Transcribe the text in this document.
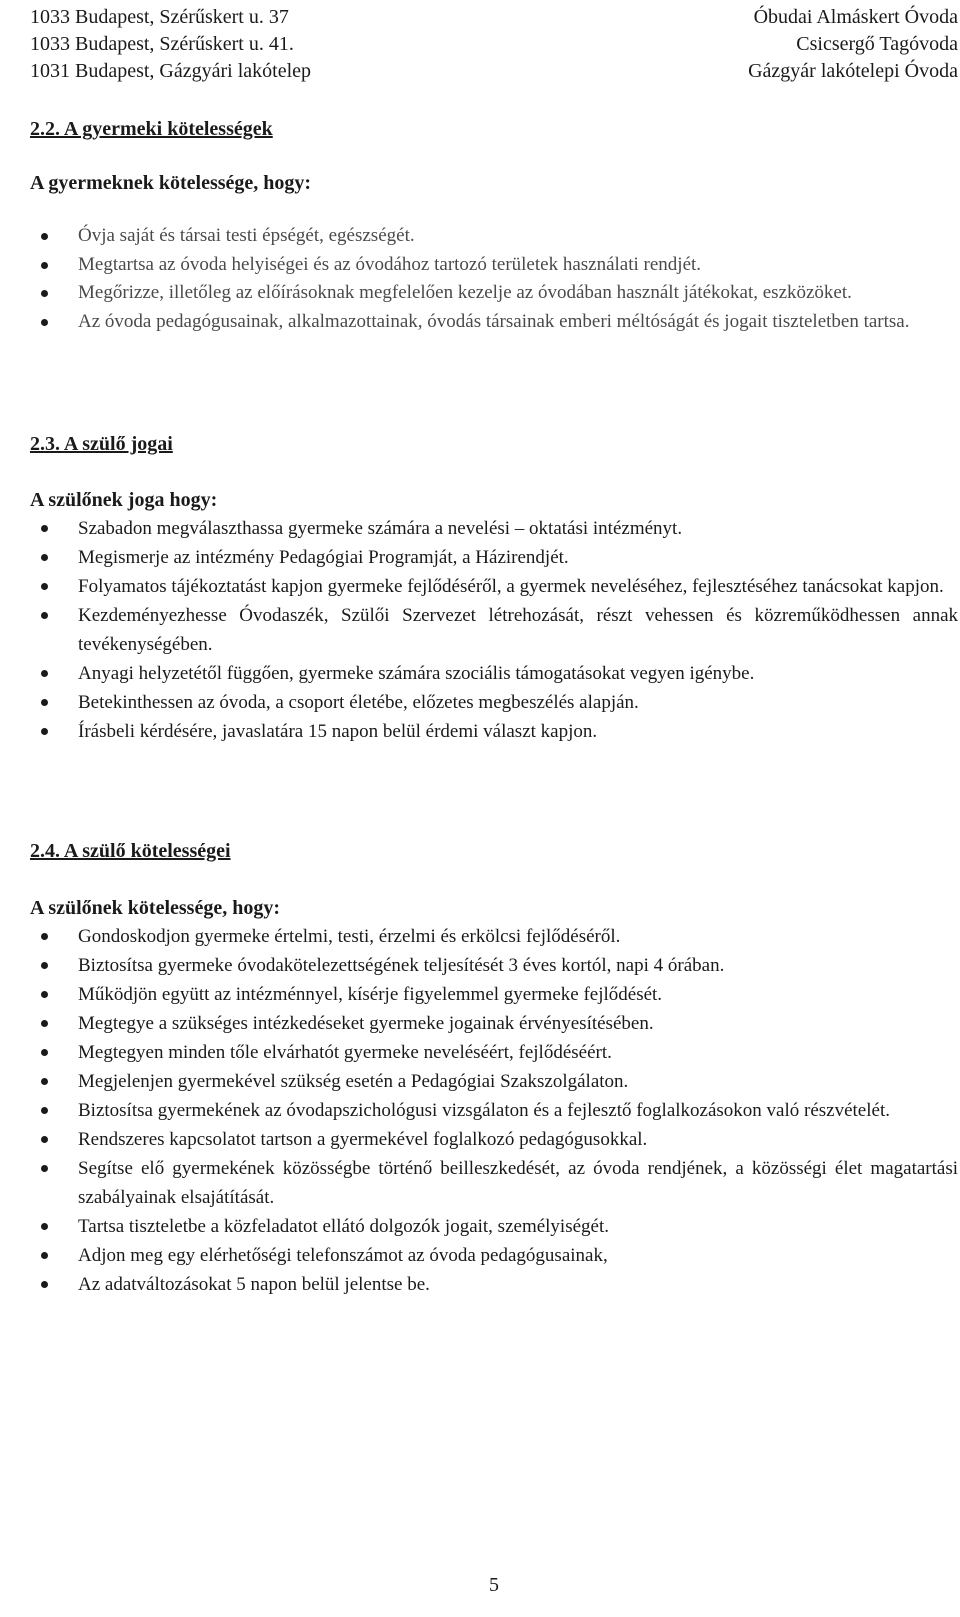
1033 Budapest, Szérűskert u. 37	Óbudai Almáskert Óvoda
1033 Budapest, Szérűskert u. 41.	Csicsergő Tagóvoda
1031 Budapest, Gázgyári lakótelep	Gázgyár lakótelepi Óvoda

2.2. A gyermeki kötelességek

A gyermeknek kötelessége, hogy:

Óvja saját és társai testi épségét, egészségét.
Megtartsa az óvoda helyiségei és az óvodához tartozó területek használati rendjét.
Megőrizze, illetőleg az előírásoknak megfelelően kezelje az óvodában használt játékokat, eszközöket.
Az óvoda pedagógusainak, alkalmazottainak, óvodás társainak emberi méltóságát és jogait tiszteletben tartsa.

2.3. A szülő jogai

A szülőnek joga hogy:

Szabadon megválaszthassa gyermeke számára a nevelési – oktatási intézményt.
Megismerje az intézmény Pedagógiai Programját, a Házirendjét.
Folyamatos tájékoztatást kapjon gyermeke fejlődéséről, a gyermek neveléséhez, fejlesztéséhez tanácsokat kapjon.
Kezdeményezhesse Óvodaszék, Szülői Szervezet létrehozását, részt vehessen és közreműködhessen annak tevékenységében.
Anyagi helyzetétől függően, gyermeke számára szociális támogatásokat vegyen igénybe.
Betekinthessen az óvoda, a csoport életébe, előzetes megbeszélés alapján.
Írásbeli kérdésére, javaslatára 15 napon belül érdemi választ kapjon.

2.4. A szülő kötelességei

A szülőnek kötelessége, hogy:

Gondoskodjon gyermeke értelmi, testi, érzelmi és erkölcsi fejlődéséről.
Biztosítsa gyermeke óvodakötelezettségének teljesítését 3 éves kortól, napi 4 órában.
Működjön együtt az intézménnyel, kísérje figyelemmel gyermeke fejlődését.
Megtegye a szükséges intézkedéseket gyermeke jogainak érvényesítésében.
Megtegyen minden tőle elvárhatót gyermeke neveléséért, fejlődéséért.
Megjelenjen gyermekével szükség esetén a Pedagógiai Szakszolgálaton.
Biztosítsa gyermekének az óvodapszichológusi vizsgálaton és a fejlesztő foglalkozásokon való részvételét.
Rendszeres kapcsolatot tartson a gyermekével foglalkozó pedagógusokkal.
Segítse elő gyermekének közösségbe történő beilleszkedését, az óvoda rendjének, a közösségi élet magatartási szabályainak elsajátítását.
Tartsa tiszteletbe a közfeladatot ellátó dolgozók jogait, személyiségét.
Adjon meg egy elérhetőségi telefonszámot az óvoda pedagógusainak,
Az adatváltozásokat 5 napon belül jelentse be.
5
